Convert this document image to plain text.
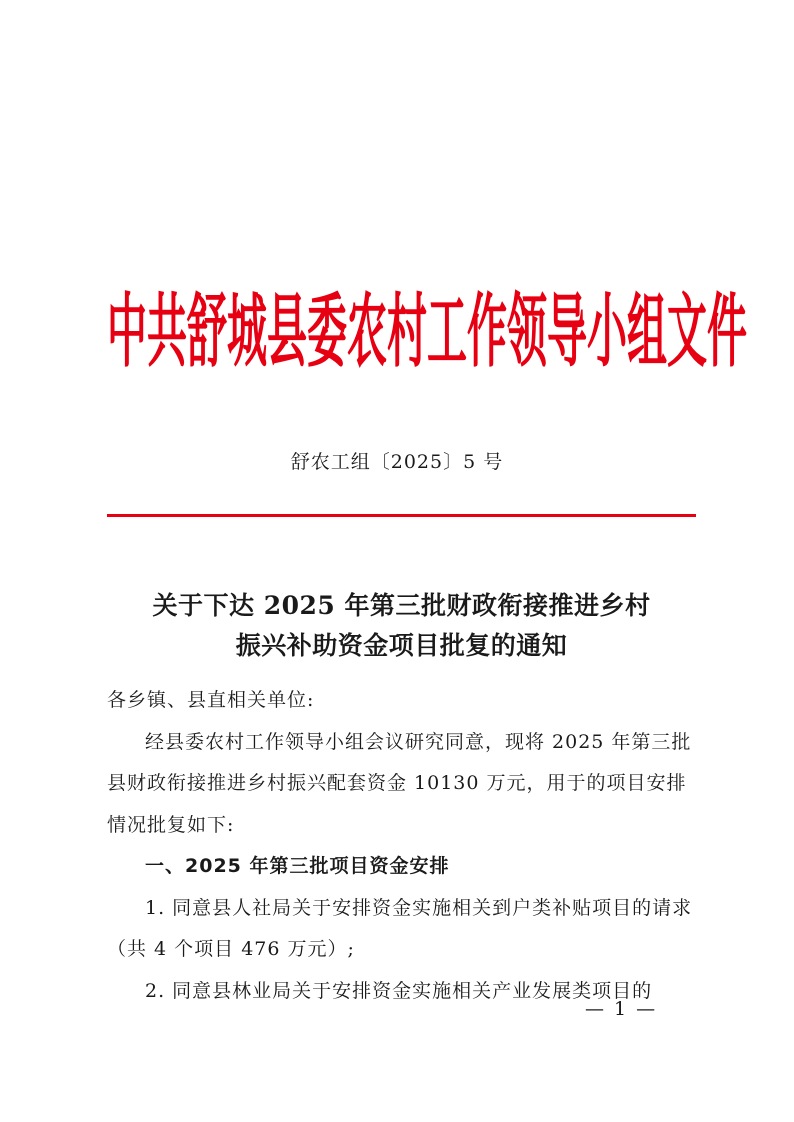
中共舒城县委农村工作领导小组文件
舒农工组〔2025〕5 号
关于下达 2025 年第三批财政衔接推进乡村
振兴补助资金项目批复的通知

各乡镇、县直相关单位:

经县委农村工作领导小组会议研究同意，现将 2025 年第三批县财政衔接推进乡村振兴配套资金 10130 万元，用于的项目安排情况批复如下:

一、2025 年第三批项目资金安排

1. 同意县人社局关于安排资金实施相关到户类补贴项目的请求（共 4 个项目 476 万元）;

2. 同意县林业局关于安排资金实施相关产业发展类项目的

— 1 —
